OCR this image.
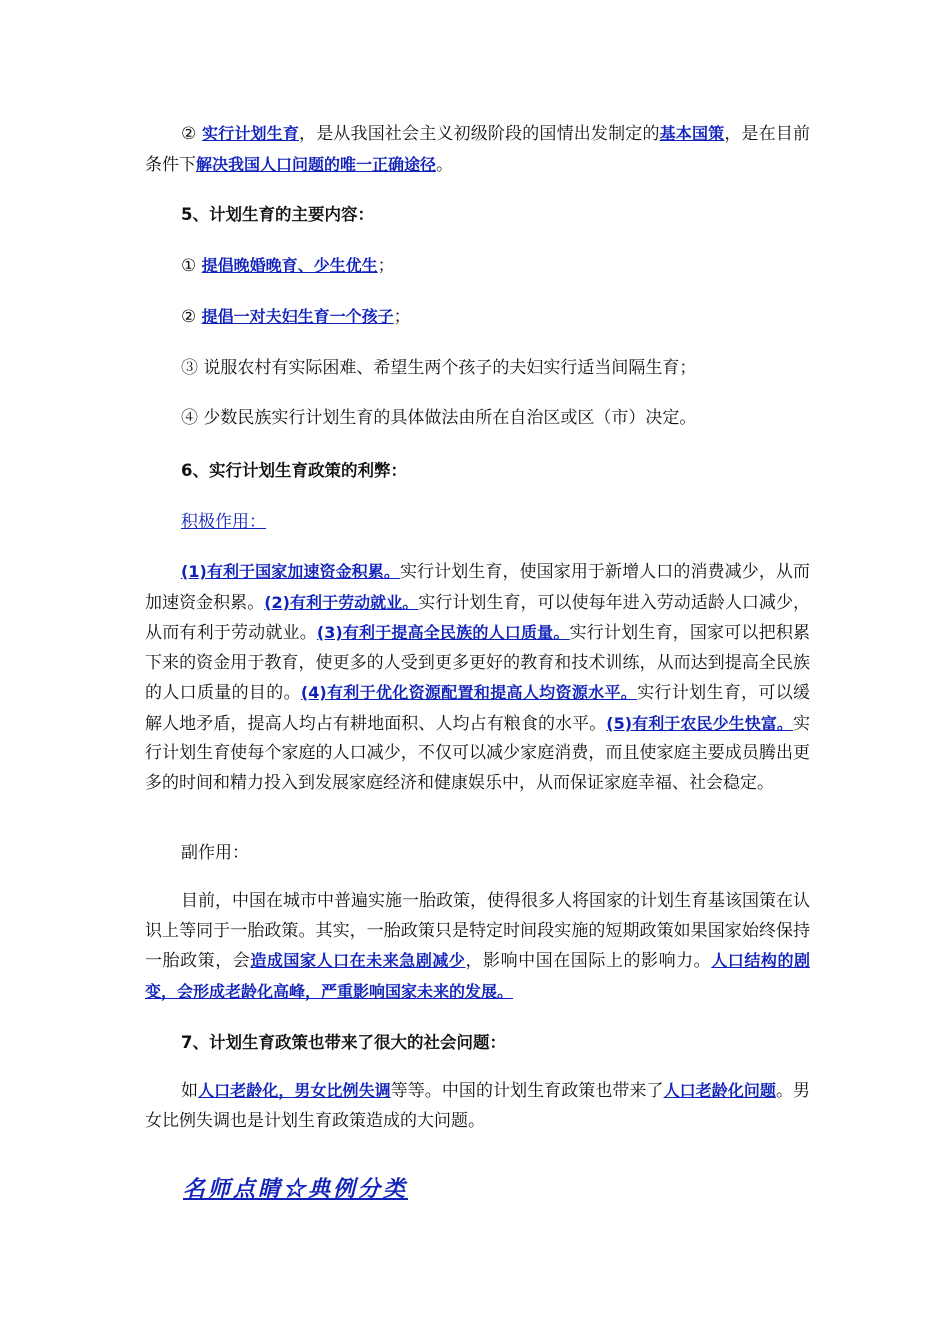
② 实行计划生育，是从我国社会主义初级阶段的国情出发制定的基本国策，是在目前条件下解决我国人口问题的唯一正确途径。

5、计划生育的主要内容：

① 提倡晚婚晚育、少生优生；

② 提倡一对夫妇生育一个孩子；

③ 说服农村有实际困难、希望生两个孩子的夫妇实行适当间隔生育；

④ 少数民族实行计划生育的具体做法由所在自治区或区（市）决定。

6、实行计划生育政策的利弊：

积极作用：

(1)有利于国家加速资金积累。实行计划生育，使国家用于新增人口的消费减少，从而加速资金积累。(2)有利于劳动就业。实行计划生育，可以使每年进入劳动适龄人口减少，从而有利于劳动就业。(3)有利于提高全民族的人口质量。实行计划生育，国家可以把积累下来的资金用于教育，使更多的人受到更多更好的教育和技术训练，从而达到提高全民族的人口质量的目的。(4)有利于优化资源配置和提高人均资源水平。实行计划生育，可以缓解人地矛盾，提高人均占有耕地面积、人均占有粮食的水平。(5)有利于农民少生快富。实行计划生育使每个家庭的人口减少，不仅可以减少家庭消费，而且使家庭主要成员腾出更多的时间和精力投入到发展家庭经济和健康娱乐中，从而保证家庭幸福、社会稳定。

副作用：

目前，中国在城市中普遍实施一胎政策，使得很多人将国家的计划生育基该国策在认识上等同于一胎政策。其实，一胎政策只是特定时间段实施的短期政策如果国家始终保持一胎政策，会造成国家人口在未来急剧减少，影响中国在国际上的影响力。人口结构的剧变，会形成老龄化高峰，严重影响国家未来的发展。

7、计划生育政策也带来了很大的社会问题：

如人口老龄化，男女比例失调等等。中国的计划生育政策也带来了人口老龄化问题。男女比例失调也是计划生育政策造成的大问题。

名师点睛☆典例分类
